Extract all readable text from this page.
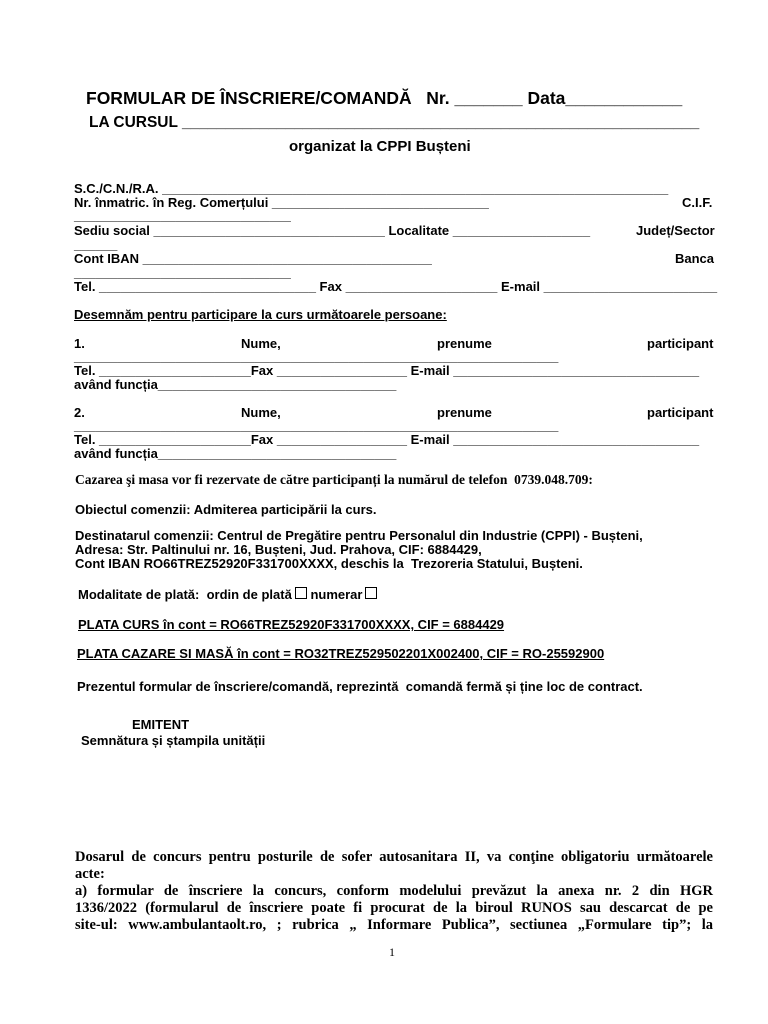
FORMULAR DE ÎNSCRIERE/COMANDĂ   Nr. _______ Data____________
LA CURSUL ____________________________________________________________
organizat la CPPI Bușteni
S.C./C.N./R.A. ______________________________________________________________________
Nr. înmatric. în Reg. Comerțului ______________________________	C.I.F.
______________________________
Sediu social ________________________________ Localitate ___________________	Județ/Sector
______
Cont IBAN ________________________________________	Banca
______________________________
Tel. ______________________________ Fax _____________________ E-mail ________________________
Desemnăm pentru participare la curs următoarele persoane:
1.	Nume,	prenume	participant
___________________________________________________________________
Tel. _____________________Fax __________________ E-mail __________________________________
având funcția_________________________________
2.	Nume,	prenume	participant
___________________________________________________________________
Tel. _____________________Fax __________________ E-mail __________________________________
având funcția_________________________________
Cazarea şi masa vor fi rezervate de către participanți la numărul de telefon  0739.048.709:
Obiectul comenzii: Admiterea participării la curs.
Destinatarul comenzii: Centrul de Pregătire pentru Personalul din Industrie (CPPI) - Bușteni,
Adresa: Str. Paltinului nr. 16, Bușteni, Jud. Prahova, CIF: 6884429,
Cont IBAN RO66TREZ52920F331700XXXX, deschis la  Trezoreria Statului, Bușteni.
Modalitate de plată:  ordin de plată numerar
PLATA CURS în cont = RO66TREZ52920F331700XXXX, CIF = 6884429
PLATA CAZARE SI MASĂ în cont = RO32TREZ529502201X002400, CIF = RO-25592900
Prezentul formular de înscriere/comandă, reprezintă  comandă fermă și ține loc de contract.
EMITENT
Semnătura și ștampila unității
Dosarul de concurs pentru posturile de sofer autosanitara II, va conţine obligatoriu următoarele
acte:
a) formular de înscriere la concurs, conform modelului prevăzut la anexa nr. 2 din HGR
1336/2022 (formularul de înscriere poate fi procurat de la biroul RUNOS sau descarcat de pe
site-ul: www.ambulantaolt.ro, ; rubrica „ Informare Publica”, sectiunea „Formulare tip”; la
1
